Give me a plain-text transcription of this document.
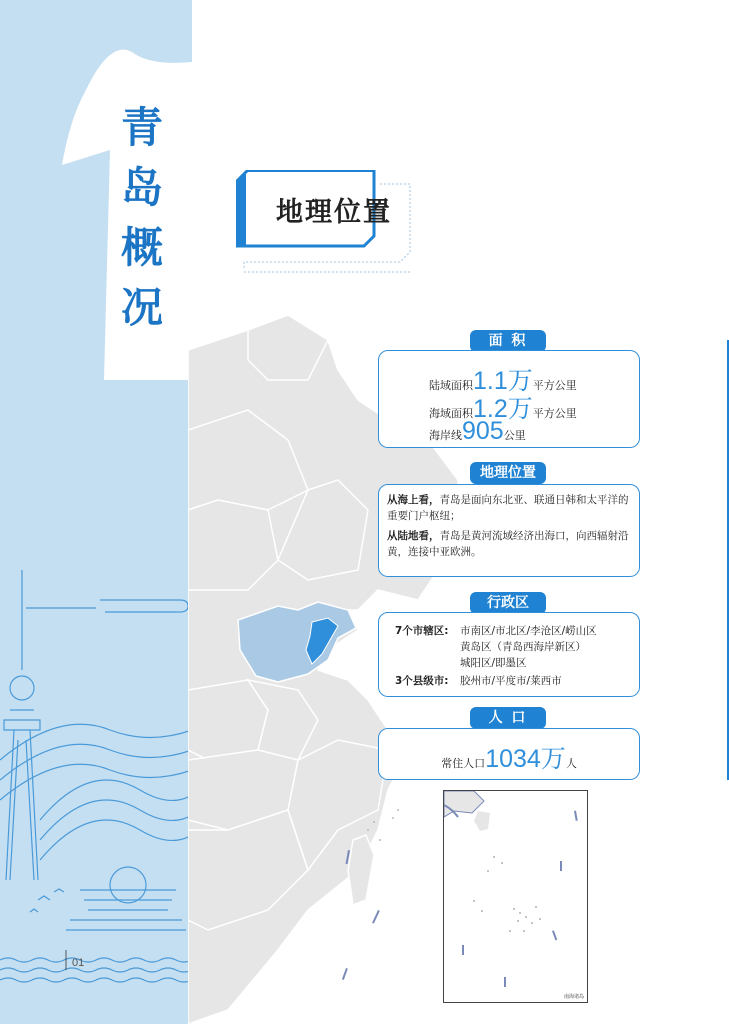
青
岛
概
况
01
地理位置
面 积
陆域面积1.1万平方公里
海域面积1.2万平方公里
海岸线905公里
地理位置
从海上看，青岛是面向东北亚、联通日韩和太平洋的重要门户枢纽；
从陆地看，青岛是黄河流域经济出海口，向西辐射沿黄，连接中亚欧洲。
行政区
7个市辖区: 市南区/市北区/李沧区/崂山区
黄岛区（青岛西海岸新区）
城阳区/即墨区
3个县级市: 胶州市/平度市/莱西市
人 口
常住人口1034万人
南海诸岛
